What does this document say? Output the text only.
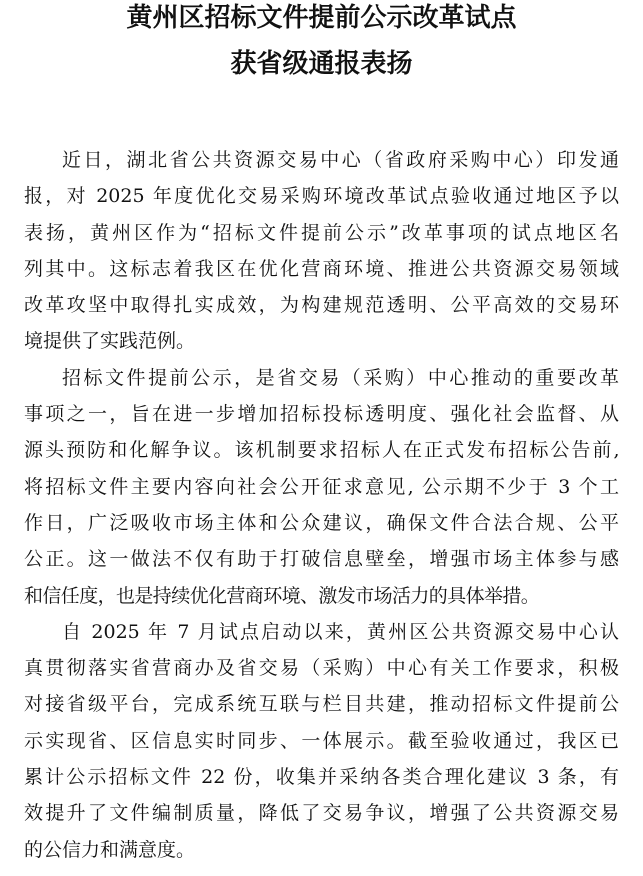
黄州区招标文件提前公示改革试点
获省级通报表扬
近日，湖北省公共资源交易中心（省政府采购中心）印发通
报，对 2025 年度优化交易采购环境改革试点验收通过地区予以
表扬，黄州区作为“招标文件提前公示”改革事项的试点地区名
列其中。这标志着我区在优化营商环境、推进公共资源交易领域
改革攻坚中取得扎实成效，为构建规范透明、公平高效的交易环
境提供了实践范例。
招标文件提前公示，是省交易（采购）中心推动的重要改革
事项之一，旨在进一步增加招标投标透明度、强化社会监督、从
源头预防和化解争议。该机制要求招标人在正式发布招标公告前,
将招标文件主要内容向社会公开征求意见, 公示期不少于 3 个工
作日，广泛吸收市场主体和公众建议，确保文件合法合规、公平
公正。这一做法不仅有助于打破信息壁垒，增强市场主体参与感
和信任度，也是持续优化营商环境、激发市场活力的具体举措。
自 2025 年 7 月试点启动以来，黄州区公共资源交易中心认
真贯彻落实省营商办及省交易（采购）中心有关工作要求，积极
对接省级平台，完成系统互联与栏目共建，推动招标文件提前公
示实现省、区信息实时同步、一体展示。截至验收通过，我区已
累计公示招标文件 22 份，收集并采纳各类合理化建议 3 条，有
效提升了文件编制质量，降低了交易争议，增强了公共资源交易
的公信力和满意度。
